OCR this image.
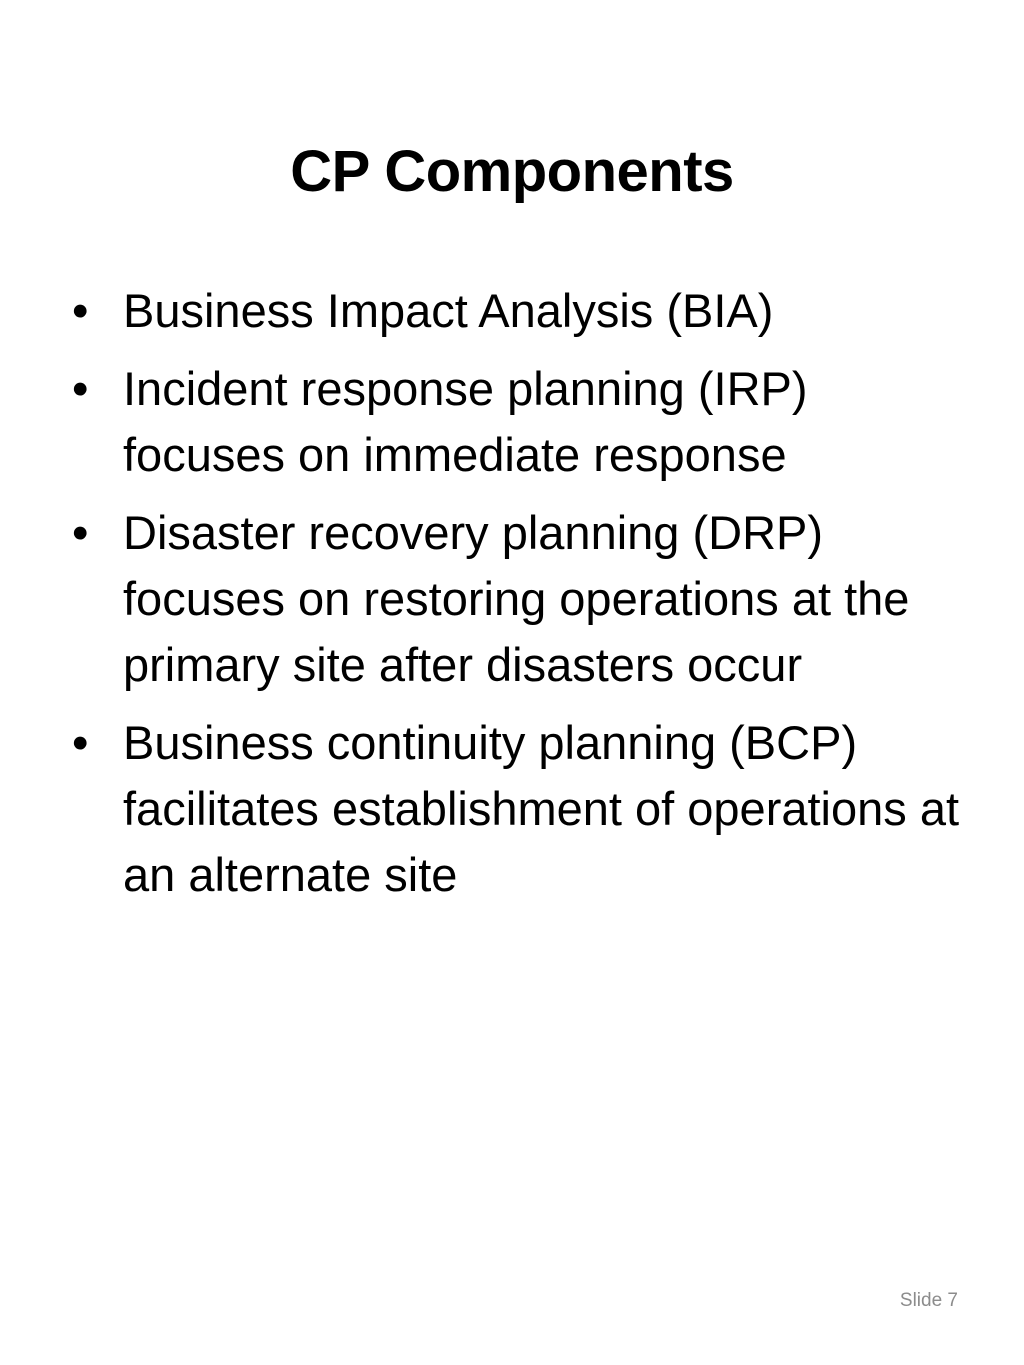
CP Components
• Business Impact Analysis (BIA)
• Incident response planning (IRP) focuses on immediate response
• Disaster recovery planning (DRP) focuses on restoring operations at the primary site after disasters occur
• Business continuity planning (BCP) facilitates establishment of operations at an alternate site
Slide 7
